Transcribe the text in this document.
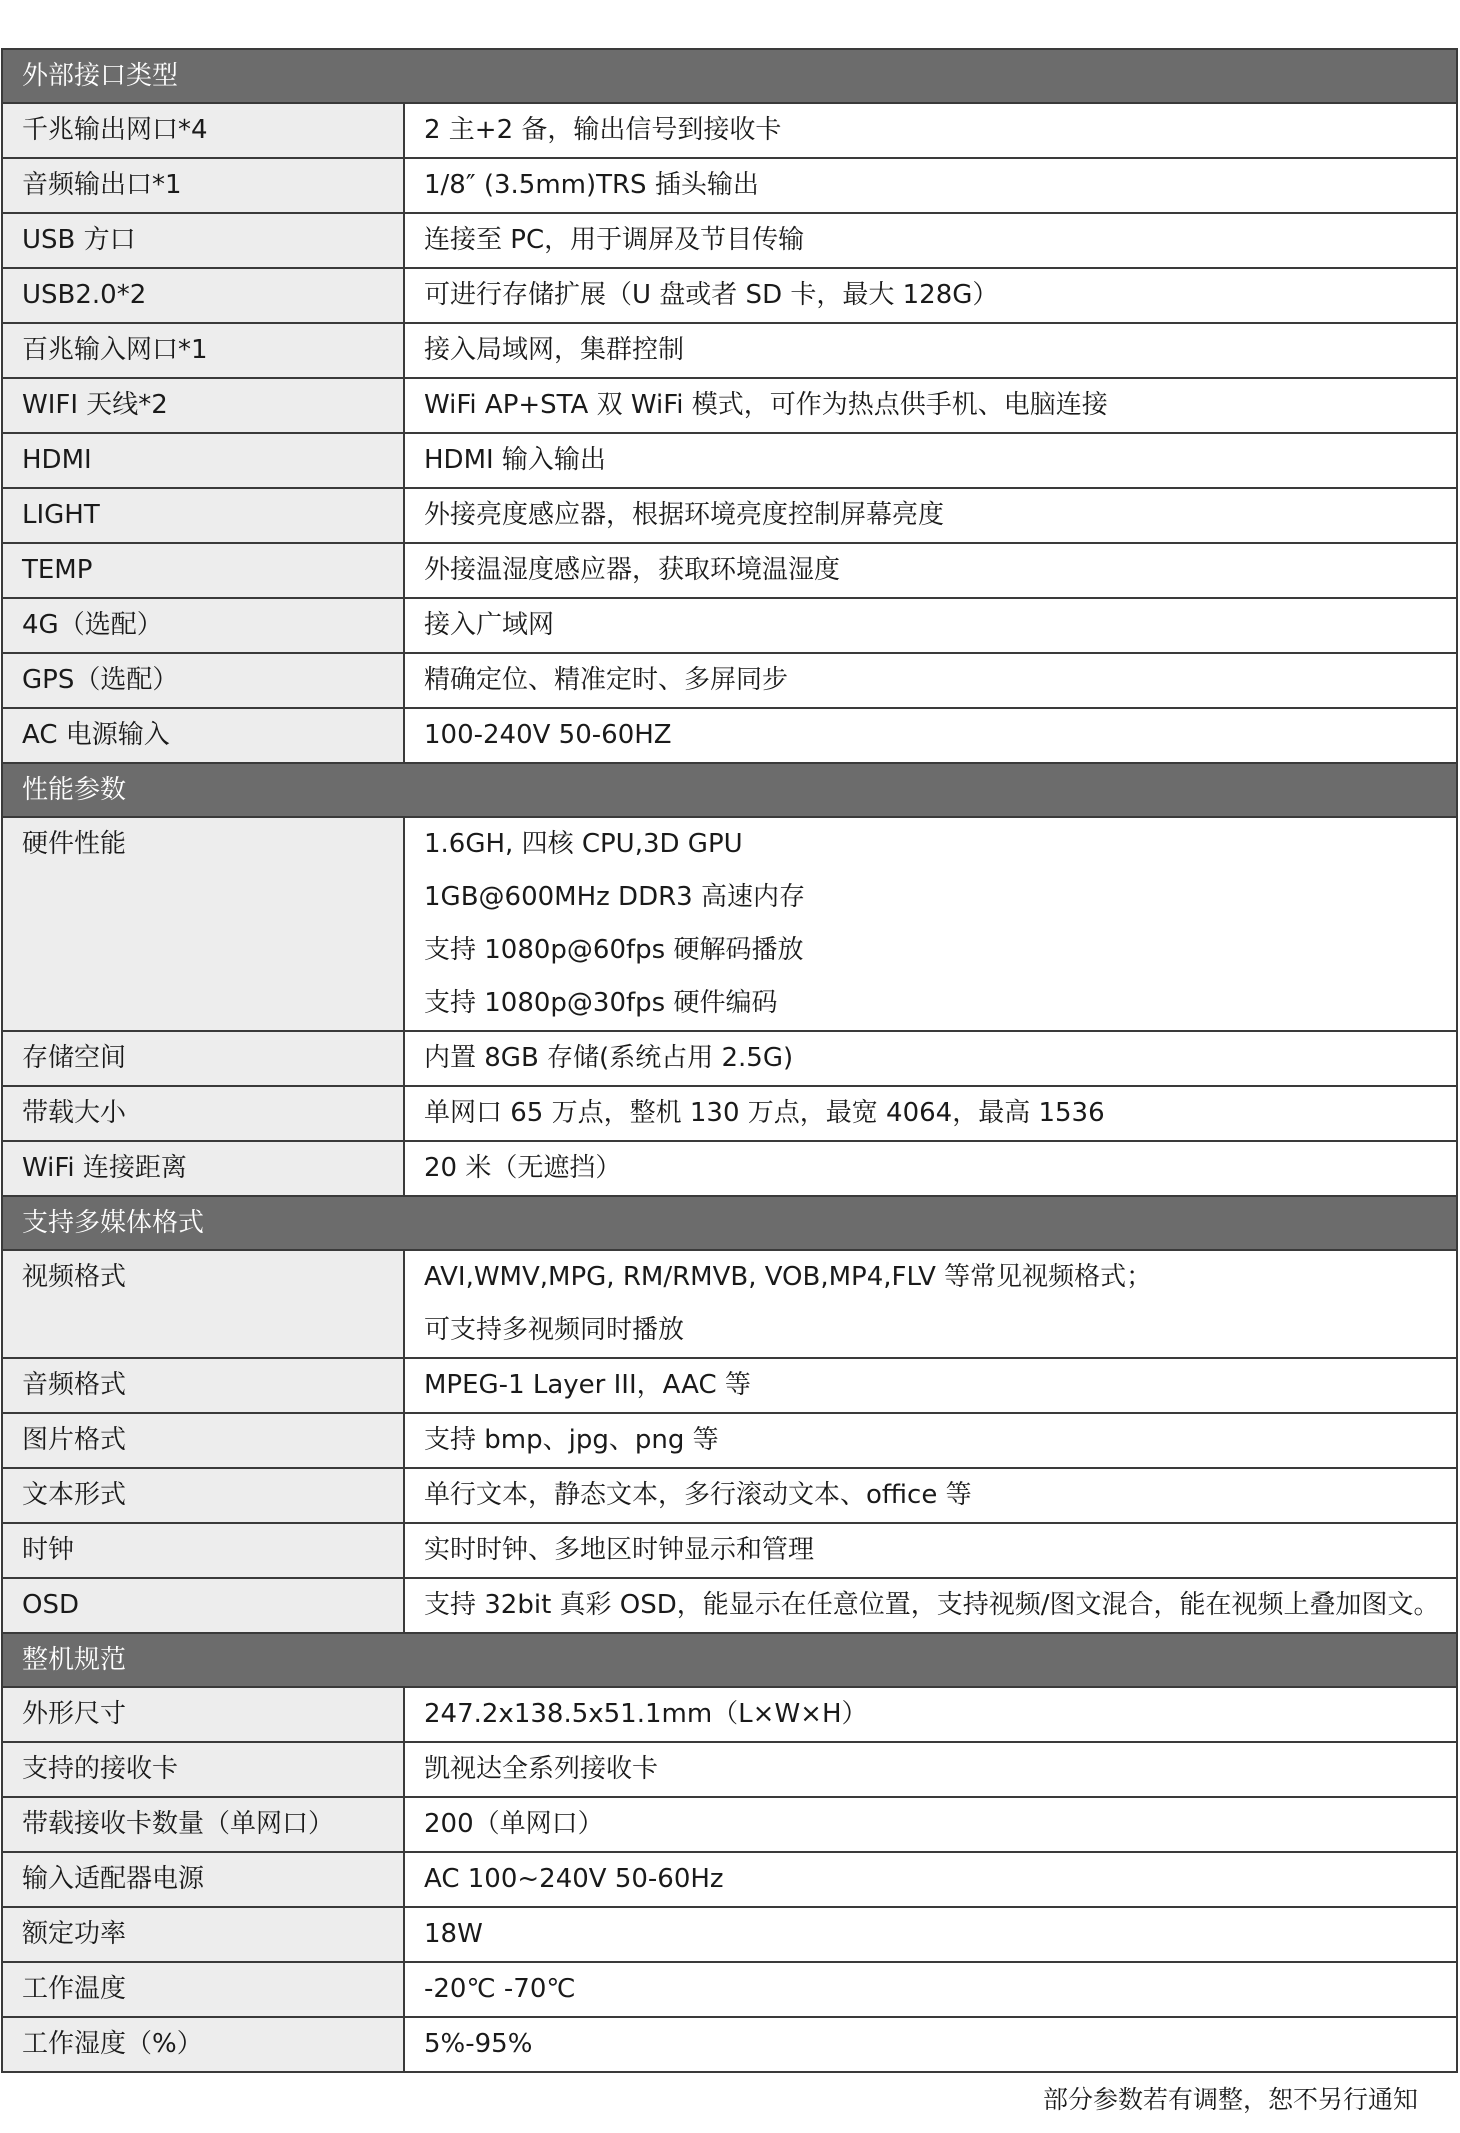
外部接口类型	
千兆输出网口*4	2 主+2 备，输出信号到接收卡

音频输出口*1	1/8″ (3.5mm)TRS 插头输出

USB 方口	连接至 PC，用于调屏及节目传输

USB2.0*2	可进行存储扩展（U 盘或者 SD 卡，最大 128G）

百兆输入网口*1	接入局域网，集群控制

WIFI 天线*2	WiFi AP+STA 双 WiFi 模式，可作为热点供手机、电脑连接

HDMI	HDMI 输入输出

LIGHT	外接亮度感应器，根据环境亮度控制屏幕亮度

TEMP	外接温湿度感应器，获取环境温湿度

4G（选配）	接入广域网

GPS（选配）	精确定位、精准定时、多屏同步

AC 电源输入	100-240V 50-60HZ

性能参数	
硬件性能	1.6GH, 四核 CPU,3D GPU
1GB@600MHz DDR3 高速内存
支持 1080p@60fps 硬解码播放
支持 1080p@30fps 硬件编码

存储空间	内置 8GB 存储(系统占用 2.5G)

带载大小	单网口 65 万点，整机 130 万点，最宽 4064，最高 1536

WiFi 连接距离	20 米（无遮挡）

支持多媒体格式	
视频格式	AVI,WMV,MPG, RM/RMVB, VOB,MP4,FLV 等常见视频格式；
可支持多视频同时播放

音频格式	MPEG-1 Layer III，AAC 等

图片格式	支持 bmp、jpg、png 等

文本形式	单行文本，静态文本，多行滚动文本、office 等

时钟	实时时钟、多地区时钟显示和管理

OSD	支持 32bit 真彩 OSD，能显示在任意位置，支持视频/图文混合，能在视频上叠加图文。

整机规范	
外形尺寸	247.2x138.5x51.1mm（L×W×H）

支持的接收卡	凯视达全系列接收卡

带载接收卡数量（单网口）	200（单网口）

输入适配器电源	AC 100~240V 50-60Hz

额定功率	18W

工作温度	-20℃ -70℃

工作湿度（%）	5%-95%
部分参数若有调整，恕不另行通知
